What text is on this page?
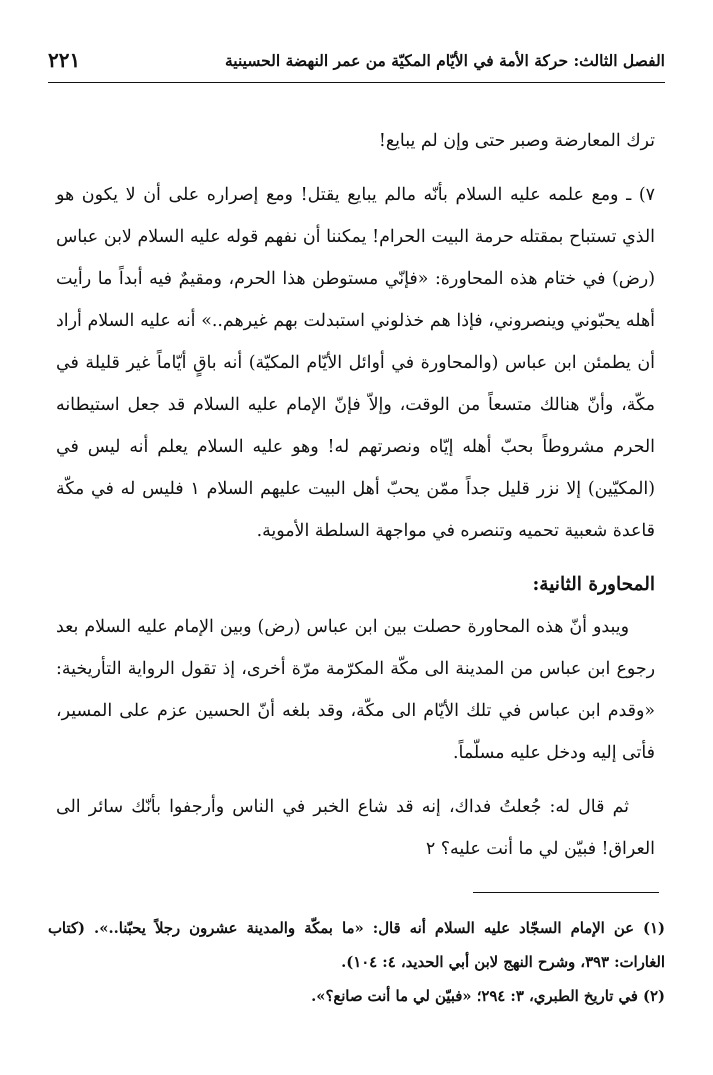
الفصل الثالث: حركة الأمة في الأيّام المكيّة من عمر النهضة الحسينية
٢٢١

ترك المعارضة وصبر حتى وإن لم يبايع!

٧) ـ ومع علمه عليه السلام بأنّه مالم يبايع يقتل! ومع إصراره على أن لا يكون هو الذي تستباح بمقتله حرمة البيت الحرام! يمكننا أن نفهم قوله عليه السلام لابن عباس (رض) في ختام هذه المحاورة: «فإنّي مستوطن هذا الحرم، ومقيمٌ فيه أبداً ما رأيت أهله يحبّوني وينصروني، فإذا هم خذلوني استبدلت بهم غيرهم..» أنه عليه السلام أراد أن يطمئن ابن عباس (والمحاورة في أوائل الأيّام المكيّة) أنه باقٍ أيّاماً غير قليلة في مكّة، وأنّ هنالك متسعاً من الوقت، وإلاّ فإنّ الإمام عليه السلام قد جعل استيطانه الحرم مشروطاً بحبّ أهله إيّاه ونصرتهم له! وهو عليه السلام يعلم أنه ليس في (المكيّين) إلا نزر قليل جداً ممّن يحبّ أهل البيت عليهم السلام ١ فليس له في مكّة قاعدة شعبية تحميه وتنصره في مواجهة السلطة الأموية.

المحاورة الثانية:

ويبدو أنّ هذه المحاورة حصلت بين ابن عباس (رض) وبين الإمام عليه السلام بعد رجوع ابن عباس من المدينة الى مكّة المكرّمة مرّة أخرى، إذ تقول الرواية التأريخية: «وقدم ابن عباس في تلك الأيّام الى مكّة، وقد بلغه أنّ الحسين عزم على المسير، فأتى إليه ودخل عليه مسلّماً.

ثم قال له: جُعلتُ فداك، إنه قد شاع الخبر في الناس وأرجفوا بأنّك سائر الى العراق! فبيّن لي ما أنت عليه؟ ٢

(١) عن الإمام السجّاد عليه السلام أنه قال: «ما بمكّة والمدينة عشرون رجلاً يحبّنا..». (كتاب الغارات: ٣٩٣، وشرح النهج لابن أبي الحديد، ٤: ١٠٤).

(٢) في تاريخ الطبري، ٣: ٢٩٤؛ «فبيّن لي ما أنت صانع؟».
